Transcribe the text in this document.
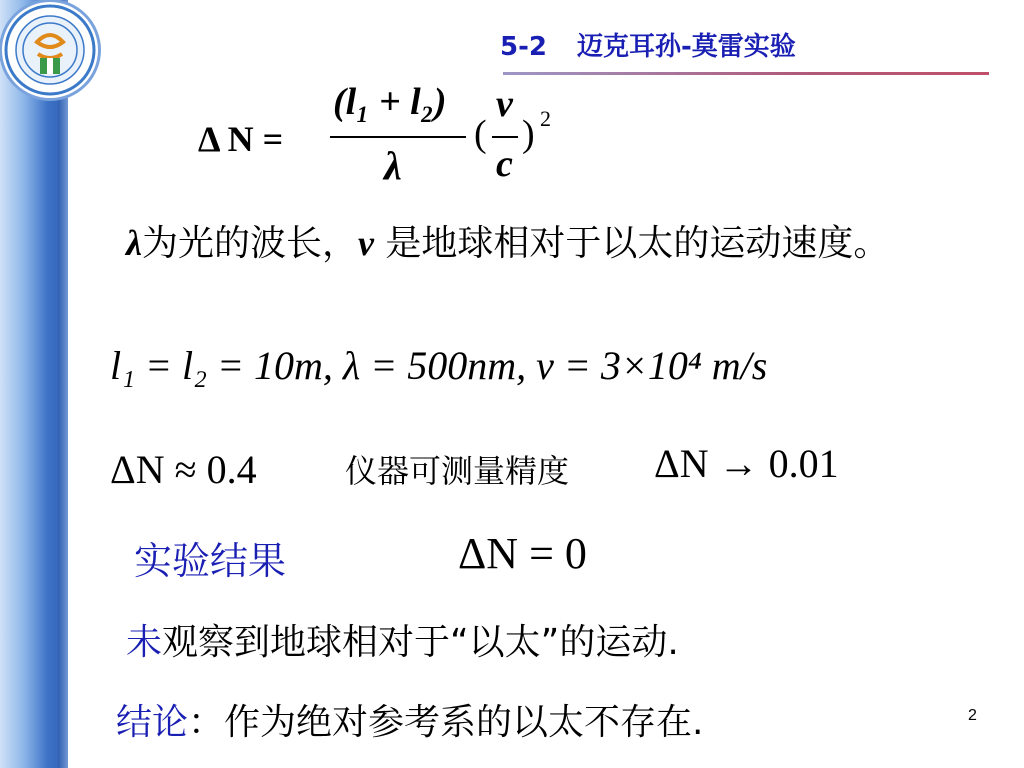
5-2 迈克耳孙-莫雷实验
Δ N =
(l₁ + l₂)
λ
(
v
c
) 2
λ为光的波长，v 是地球相对于以太的运动速度。
l₁ = l₂ = 10m, λ = 500nm, v = 3×10⁴ m/s
ΔN ≈ 0.4	仪器可测量精度 ΔN → 0.01
实验结果	ΔN = 0
未观察到地球相对于“以太”的运动.
结论：作为绝对参考系的以太不存在.	2
